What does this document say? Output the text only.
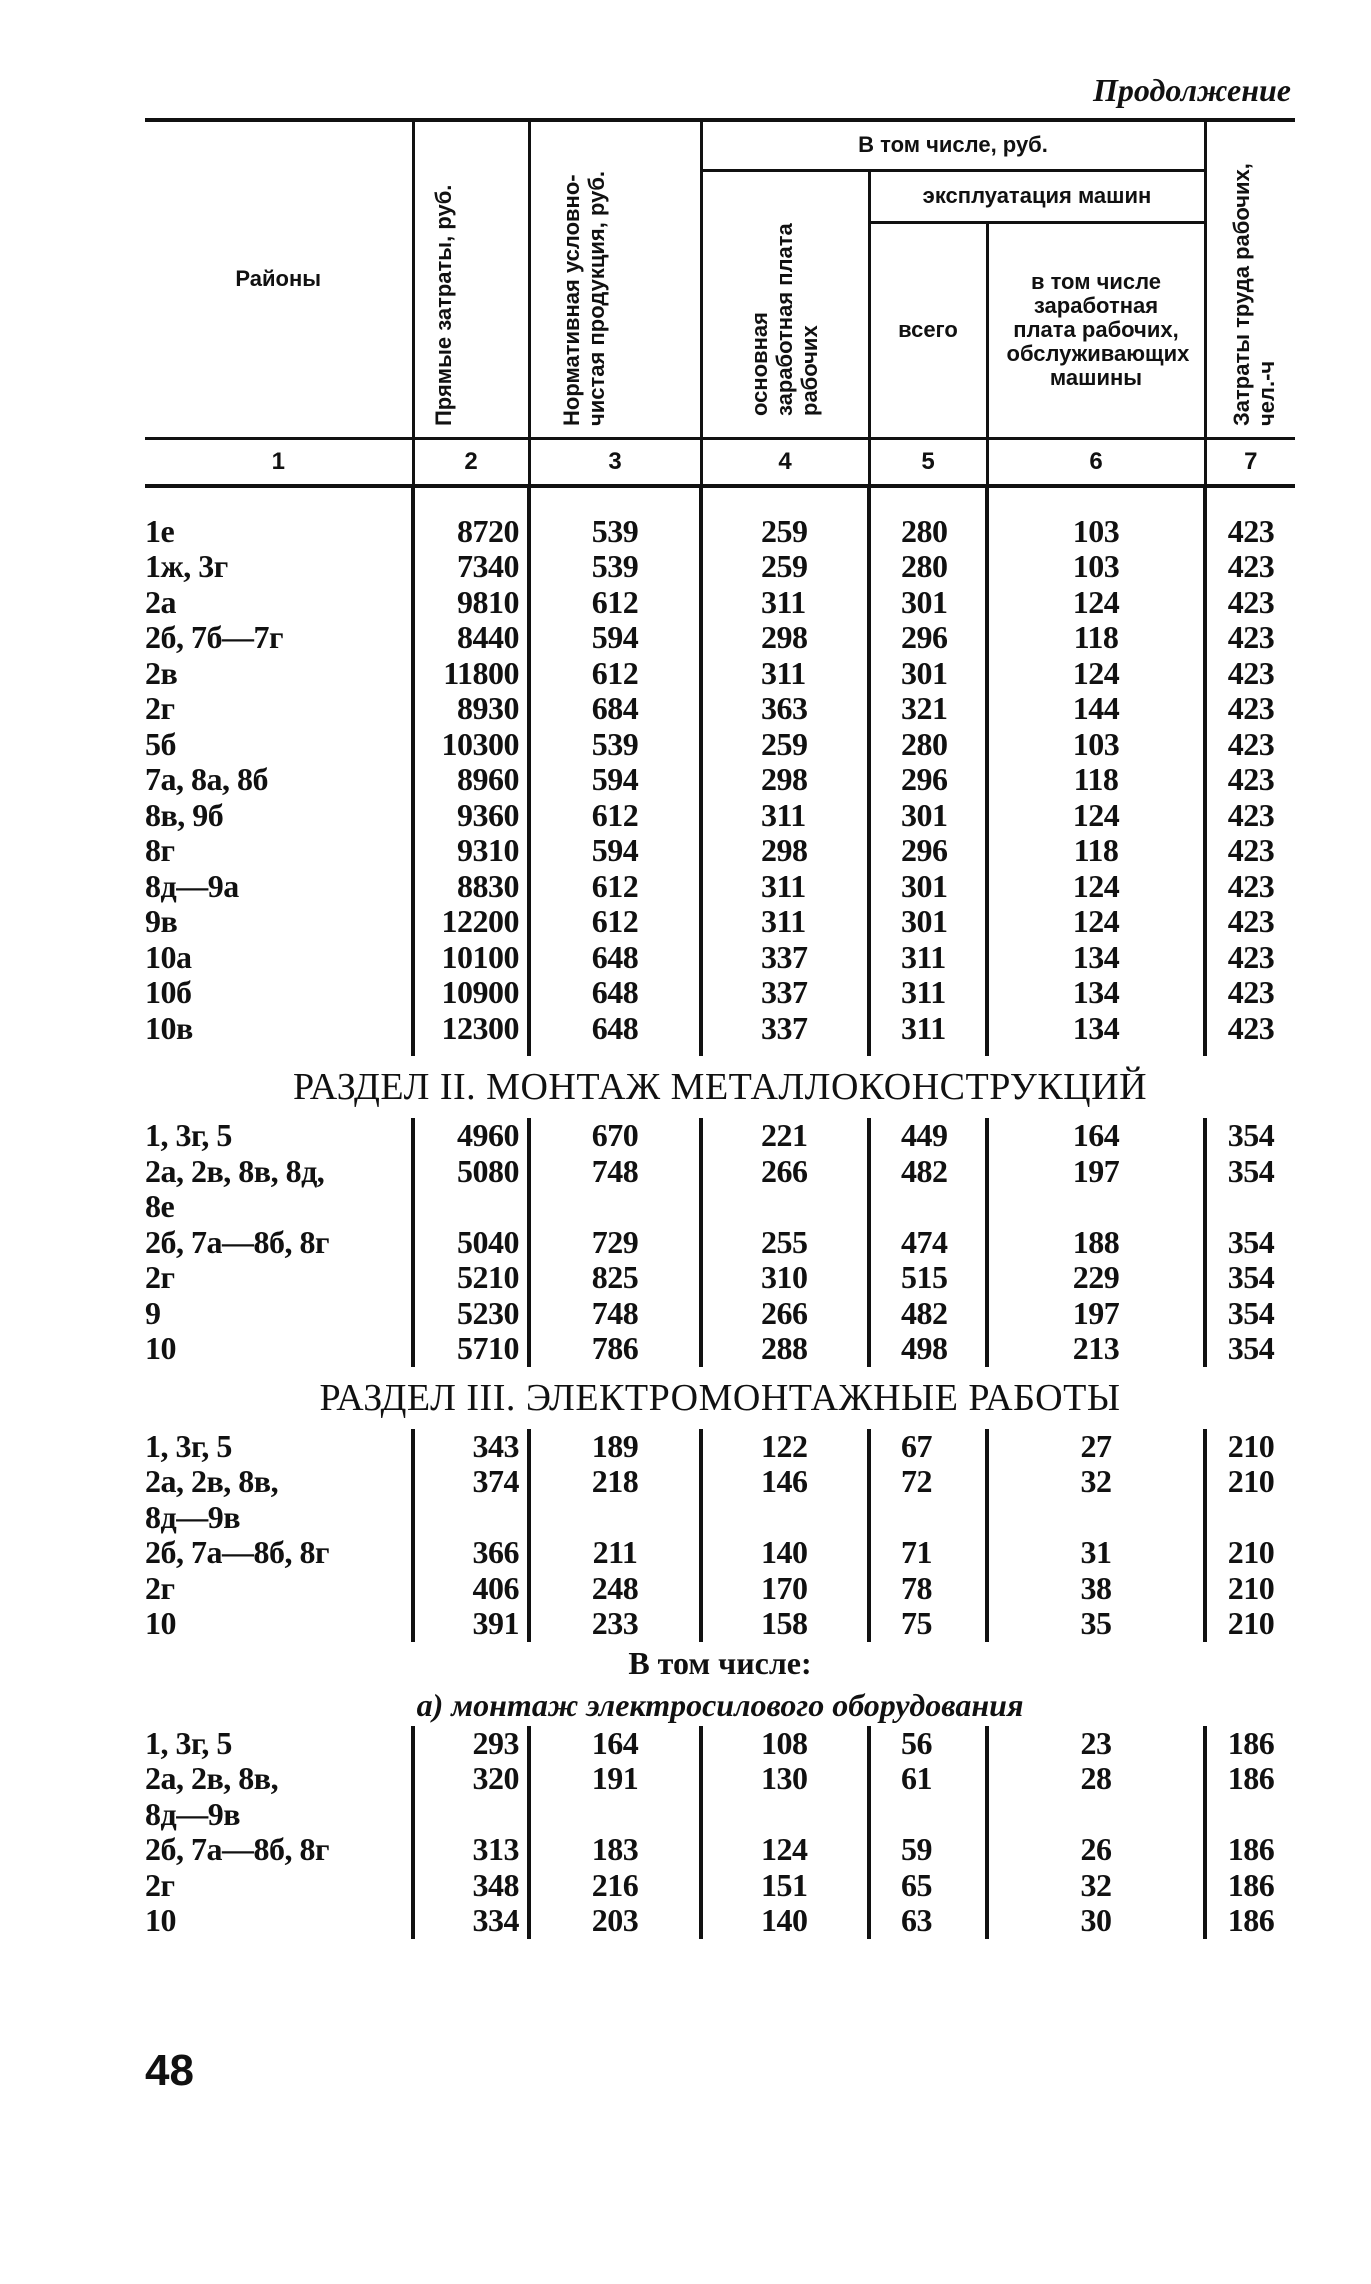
Продолжение
Районы	Прямые затраты, руб.	Нормативная условно-чистая продукция, руб.	В том числе, руб.			Затраты труда рабочих, чел.-ч
			основная заработная плата рабочих	эксплуатация машин		
				всего	в том числе заработная плата рабочих, обслуживающих машины	
1	2	3	4	5	6	7

1е	8720	539	259	280	103	423
1ж, 3г	7340	539	259	280	103	423
2а	9810	612	311	301	124	423
2б, 7б—7г	8440	594	298	296	118	423
2в	11800	612	311	301	124	423
2г	8930	684	363	321	144	423
5б	10300	539	259	280	103	423
7а, 8а, 8б	8960	594	298	296	118	423
8в, 9б	9360	612	311	301	124	423
8г	9310	594	298	296	118	423
8д—9а	8830	612	311	301	124	423
9в	12200	612	311	301	124	423
10а	10100	648	337	311	134	423
10б	10900	648	337	311	134	423
10в	12300	648	337	311	134	423

РАЗДЕЛ II. МОНТАЖ МЕТАЛЛОКОНСТРУКЦИЙ						
1, 3г, 5	4960	670	221	449	164	354
2а, 2в, 8в, 8д,	5080	748	266	482	197	354
8е						
2б, 7а—8б, 8г	5040	729	255	474	188	354
2г	5210	825	310	515	229	354
9	5230	748	266	482	197	354
10	5710	786	288	498	213	354
РАЗДЕЛ III. ЭЛЕКТРОМОНТАЖНЫЕ РАБОТЫ						
1, 3г, 5	343	189	122	67	27	210
2а, 2в, 8в,	374	218	146	72	32	210
8д—9в						
2б, 7а—8б, 8г	366	211	140	71	31	210
2г	406	248	170	78	38	210
10	391	233	158	75	35	210
В том числе:						
а) монтаж электросилового оборудования						
1, 3г, 5	293	164	108	56	23	186
2а, 2в, 8в,	320	191	130	61	28	186
8д—9в						
2б, 7а—8б, 8г	313	183	124	59	26	186
2г	348	216	151	65	32	186
10	334	203	140	63	30	186
48
